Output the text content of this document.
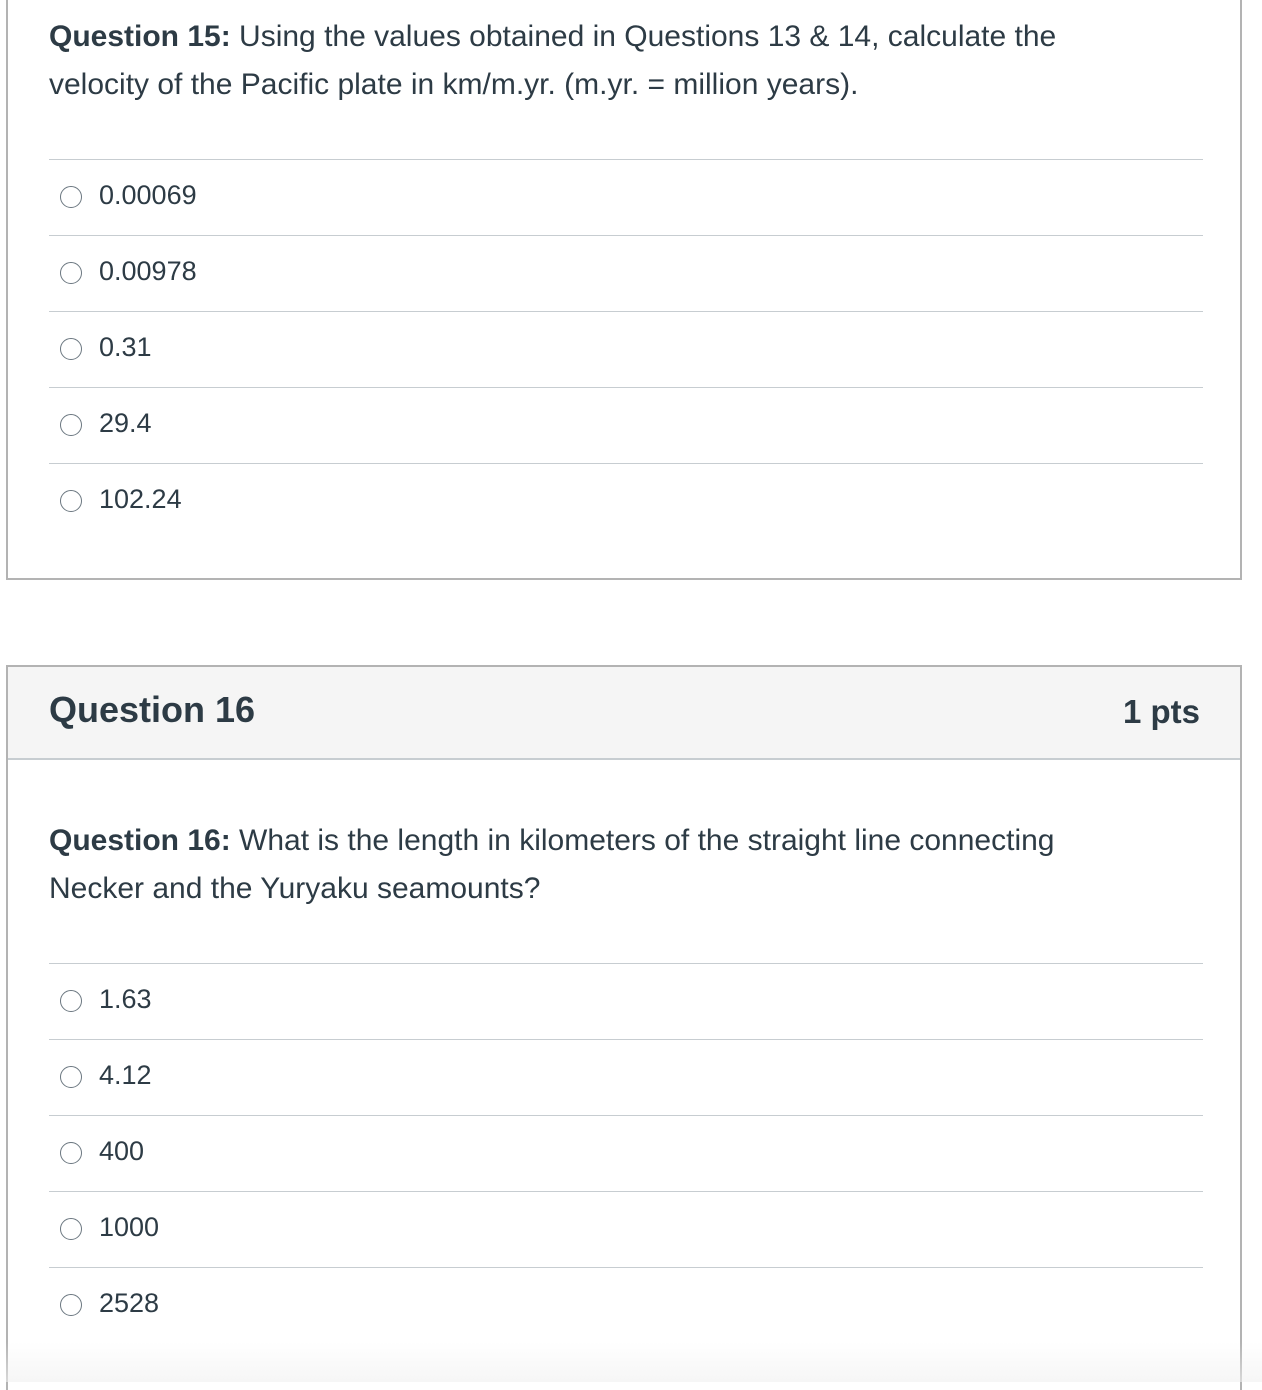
Question 15: Using the values obtained in Questions 13 & 14, calculate the velocity of the Pacific plate in km/m.yr. (m.yr. = million years).
0.00069
0.00978
0.31
29.4
102.24
Question 16	1 pts
Question 16: What is the length in kilometers of the straight line connecting Necker and the Yuryaku seamounts?
1.63
4.12
400
1000
2528
